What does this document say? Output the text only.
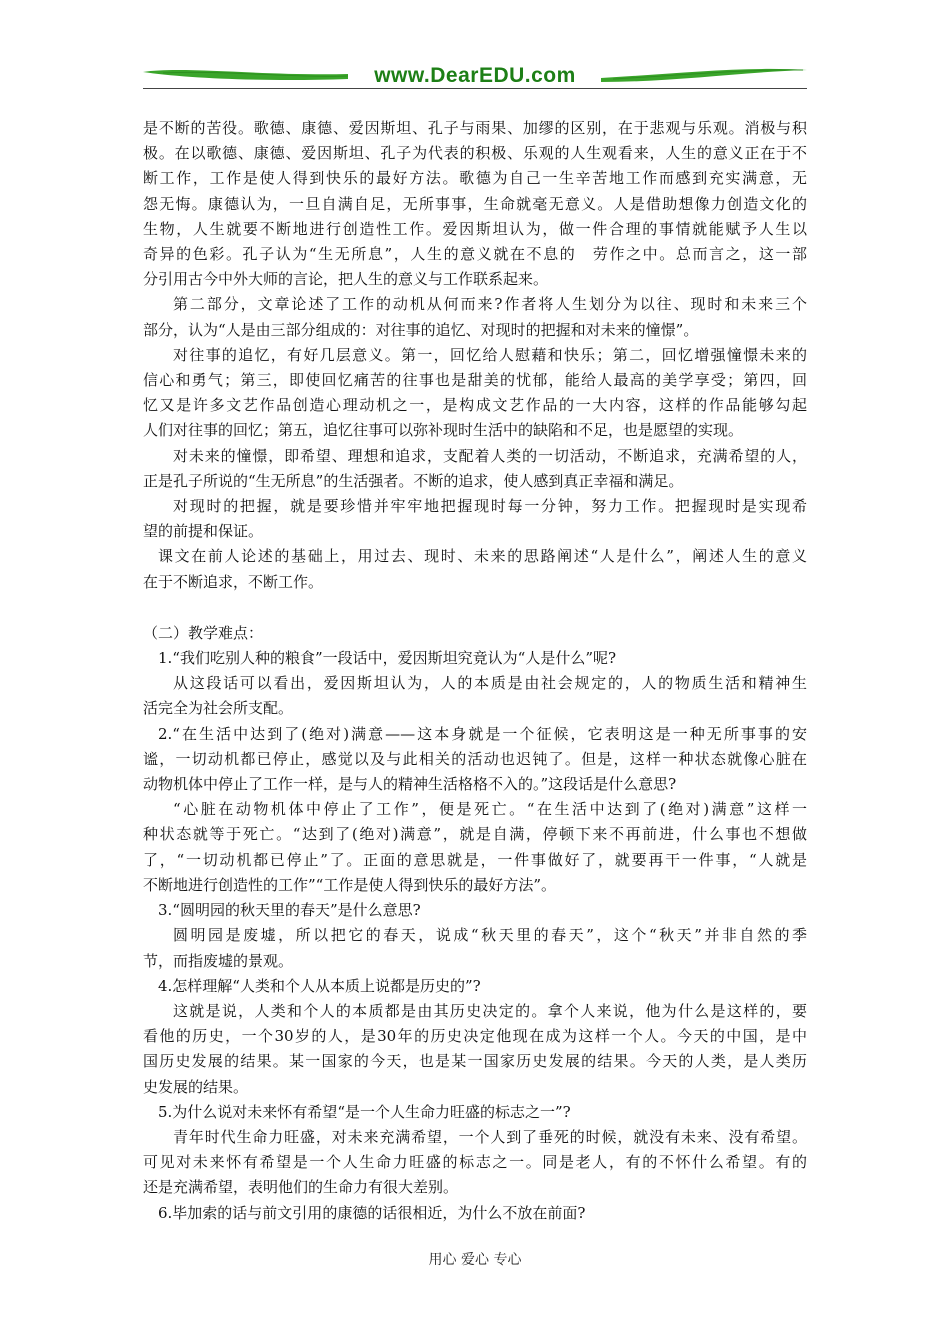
www.DearEDU.com
是不断的苦役。歌德、康德、爱因斯坦、孔子与雨果、加缪的区别，在于悲观与乐观。消极与积
极。在以歌德、康德、爱因斯坦、孔子为代表的积极、乐观的人生观看来，人生的意义正在于不
断工作，工作是使人得到快乐的最好方法。歌德为自己一生辛苦地工作而感到充实满意，无
怨无悔。康德认为，一旦自满自足，无所事事，生命就毫无意义。人是借助想像力创造文化的
生物，人生就要不断地进行创造性工作。爱因斯坦认为，做一件合理的事情就能赋予人生以
奇异的色彩。孔子认为“生无所息”，人生的意义就在不息的　劳作之中。总而言之，这一部
分引用古今中外大师的言论，把人生的意义与工作联系起来。
第二部分，文章论述了工作的动机从何而来?作者将人生划分为以往、现时和未来三个
部分，认为“人是由三部分组成的：对往事的追忆、对现时的把握和对未来的憧憬”。
对往事的追忆，有好几层意义。第一，回忆给人慰藉和快乐；第二，回忆增强憧憬未来的
信心和勇气；第三，即使回忆痛苦的往事也是甜美的忧郁，能给人最高的美学享受；第四，回
忆又是许多文艺作品创造心理动机之一，是构成文艺作品的一大内容，这样的作品能够勾起
人们对往事的回忆；第五，追忆往事可以弥补现时生活中的缺陷和不足，也是愿望的实现。
对未来的憧憬，即希望、理想和追求，支配着人类的一切活动，不断追求，充满希望的人，
正是孔子所说的“生无所息”的生活强者。不断的追求，使人感到真正幸福和满足。
对现时的把握，就是要珍惜并牢牢地把握现时每一分钟，努力工作。把握现时是实现希
望的前提和保证。
课文在前人论述的基础上，用过去、现时、未来的思路阐述“人是什么”，阐述人生的意义
在于不断追求，不断工作。
（二）教学难点：
1.“我们吃别人种的粮食”一段话中，爱因斯坦究竟认为“人是什么”呢?
从这段话可以看出，爱因斯坦认为，人的本质是由社会规定的，人的物质生活和精神生
活完全为社会所支配。
2.“在生活中达到了(绝对)满意——这本身就是一个征候，它表明这是一种无所事事的安
谧，一切动机都已停止，感觉以及与此相关的活动也迟钝了。但是，这样一种状态就像心脏在
动物机体中停止了工作一样，是与人的精神生活格格不入的。”这段话是什么意思?
“心脏在动物机体中停止了工作”，便是死亡。“在生活中达到了(绝对)满意”这样一
种状态就等于死亡。“达到了(绝对)满意”，就是自满，停顿下来不再前进，什么事也不想做
了，“一切动机都已停止”了。正面的意思就是，一件事做好了，就要再干一件事，“人就是
不断地进行创造性的工作”“工作是使人得到快乐的最好方法”。
3.“圆明园的秋天里的春天”是什么意思?
圆明园是废墟，所以把它的春天，说成“秋天里的春天”，这个“秋天”并非自然的季
节，而指废墟的景观。
4.怎样理解“人类和个人从本质上说都是历史的”?
这就是说，人类和个人的本质都是由其历史决定的。拿个人来说，他为什么是这样的，要
看他的历史，一个30岁的人，是30年的历史决定他现在成为这样一个人。今天的中国，是中
国历史发展的结果。某一国家的今天，也是某一国家历史发展的结果。今天的人类，是人类历
史发展的结果。
5.为什么说对未来怀有希望“是一个人生命力旺盛的标志之一”?
青年时代生命力旺盛，对未来充满希望，一个人到了垂死的时候，就没有未来、没有希望。
可见对未来怀有希望是一个人生命力旺盛的标志之一。同是老人，有的不怀什么希望。有的
还是充满希望，表明他们的生命力有很大差别。
6.毕加索的话与前文引用的康德的话很相近，为什么不放在前面?
用心 爱心 专心
